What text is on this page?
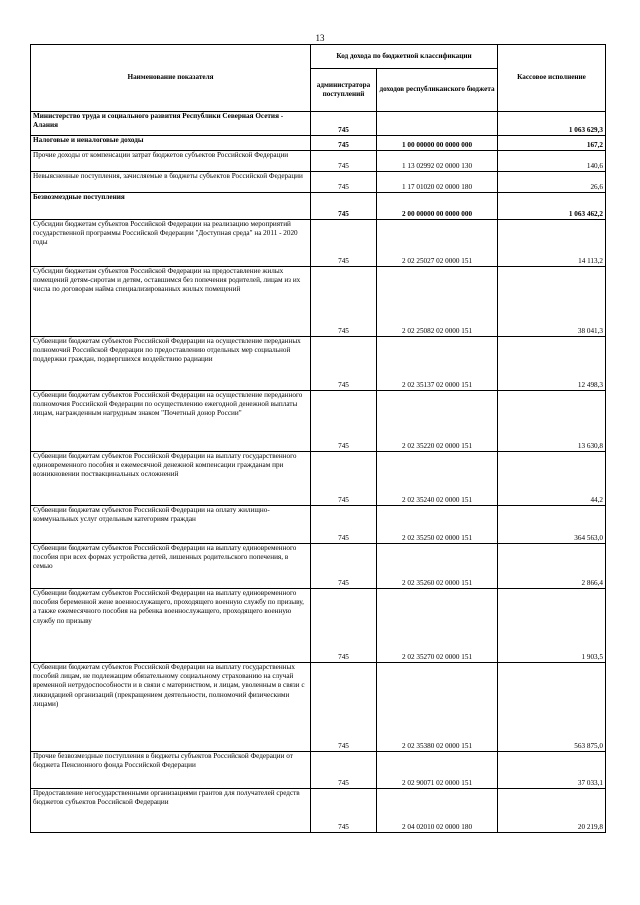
13
Наименование показателя	Код дохода по бюджетной классификации		Кассовое исполнение
	администратора поступлений	доходов республиканского бюджета	
Министерство труда и социального развития Республики Северная Осетия - Алания	745		1 063 629,3
Налоговые и неналоговые доходы	745	1 00 00000 00 0000 000	167,2
Прочие доходы от компенсации затрат бюджетов субъектов Российской Федерации	745	1 13 02992 02 0000 130	140,6
Невыясненные поступления, зачисляемые в бюджеты субъектов Российской Федерации	745	1 17 01020 02 0000 180	26,6
Безвозмездные поступления	745	2 00 00000 00 0000 000	1 063 462,2
Субсидии бюджетам субъектов Российской Федерации на реализацию мероприятий государственной программы Российской Федерации "Доступная среда" на 2011 - 2020 годы	745	2 02 25027 02 0000 151	14 113,2
Субсидии бюджетам субъектов Российской Федерации на предоставление жилых помещений детям-сиротам и детям, оставшимся без попечения родителей, лицам из их числа по договорам найма специализированных жилых помещений	745	2 02 25082 02 0000 151	38 041,3
Субвенции бюджетам субъектов Российской Федерации на осуществление переданных полномочий Российской Федерации по предоставлению отдельных мер социальной поддержки граждан, подвергшихся воздействию радиации	745	2 02 35137 02 0000 151	12 498,3
Субвенции бюджетам субъектов Российской Федерации на осуществление переданного полномочия Российской Федерации по осуществлению ежегодной денежной выплаты лицам, награжденным нагрудным знаком "Почетный донор России"	745	2 02 35220 02 0000 151	13 630,8
Субвенции бюджетам субъектов Российской Федерации на выплату государственного единовременного пособия и ежемесячной денежной компенсации гражданам при возникновении поствакцинальных осложнений	745	2 02 35240 02 0000 151	44,2
Субвенции бюджетам субъектов Российской Федерации на оплату жилищно-коммунальных услуг отдельным категориям граждан	745	2 02 35250 02 0000 151	364 563,0
Субвенции бюджетам субъектов Российской Федерации на выплату единовременного пособия при всех формах устройства детей, лишенных родительского попечения, в семью	745	2 02 35260 02 0000 151	2 866,4
Субвенции бюджетам субъектов Российской Федерации на выплату единовременного пособия беременной жене военнослужащего, проходящего военную службу по призыву, а также ежемесячного пособия на ребенка военнослужащего, проходящего военную службу по призыву	745	2 02 35270 02 0000 151	1 903,5
Субвенции бюджетам субъектов Российской Федерации на выплату государственных пособий лицам, не подлежащим обязательному социальному страхованию на случай временной нетрудоспособности и в связи с материнством, и лицам, уволенным в связи с ликвидацией организаций (прекращением деятельности, полномочий физическими лицами)	745	2 02 35380 02 0000 151	563 875,0
Прочие безвозмездные поступления в бюджеты субъектов Российской Федерации от бюджета Пенсионного фонда Российской Федерации	745	2 02 90071 02 0000 151	37 033,1
Предоставление негосударственными организациями грантов для получателей средств бюджетов субъектов Российской Федерации	745	2 04 02010 02 0000 180	20 219,8
